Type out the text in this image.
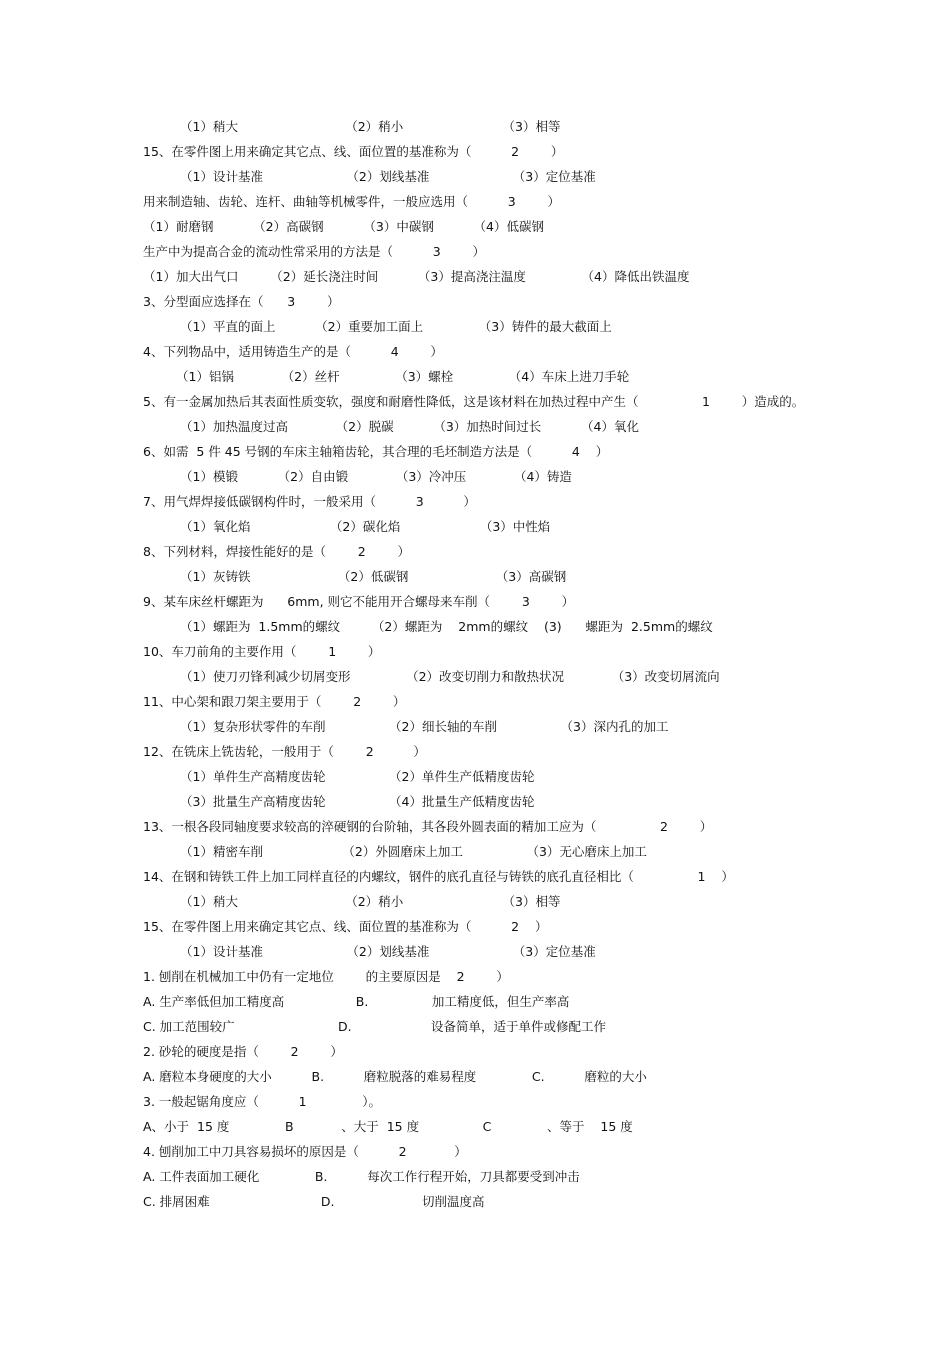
（1）稍大                           （2）稍小                         （3）相等

15、在零件图上用来确定其它点、线、面位置的基准称为（          2        ）

（1）设计基准                     （2）划线基准                     （3）定位基准

用来制造轴、齿轮、连杆、曲轴等机械零件，一般应选用（          3        ）

（1）耐磨钢          （2）高碳钢          （3）中碳钢          （4）低碳钢

生产中为提高合金的流动性常采用的方法是（          3        ）

（1）加大出气口        （2）延长浇注时间          （3）提高浇注温度              （4）降低出铁温度

3、分型面应选择在（      3        ）

（1）平直的面上          （2）重要加工面上              （3）铸件的最大截面上

4、下列物品中，适用铸造生产的是（          4        ）

（1）铝锅            （2）丝杆              （3）螺栓              （4）车床上进刀手轮

5、有一金属加热后其表面性质变软，强度和耐磨性降低，这是该材料在加热过程中产生（                1        ）造成的。

（1）加热温度过高            （2）脱碳          （3）加热时间过长          （4）氧化

6、如需  5 件 45 号钢的车床主轴箱齿轮，其合理的毛坯制造方法是（          4    ）

（1）模锻          （2）自由锻            （3）冷冲压            （4）铸造

7、用气焊焊接低碳钢构件时，一般采用（          3          ）

（1）氧化焰                    （2）碳化焰                    （3）中性焰

8、下列材料，焊接性能好的是（        2        ）

（1）灰铸铁                      （2）低碳钢                      （3）高碳钢

9、某车床丝杆螺距为      6mm, 则它不能用开合螺母来车削（        3        ）

（1）螺距为  1.5mm的螺纹        （2）螺距为    2mm的螺纹    (3)      螺距为  2.5mm的螺纹

10、车刀前角的主要作用（        1        ）

（1）使刀刃锋利减少切屑变形              （2）改变切削力和散热状况            （3）改变切屑流向

11、中心架和跟刀架主要用于（        2        ）

（1）复杂形状零件的车削                （2）细长轴的车削                （3）深内孔的加工

12、在铣床上铣齿轮，一般用于（        2          ）

（1）单件生产高精度齿轮                （2）单件生产低精度齿轮

（3）批量生产高精度齿轮                （4）批量生产低精度齿轮

13、一根各段同轴度要求较高的淬硬钢的台阶轴，其各段外圆表面的精加工应为（                2        ）

（1）精密车削                    （2）外圆磨床上加工                （3）无心磨床上加工

14、在钢和铸铁工件上加工同样直径的内螺纹，钢件的底孔直径与铸铁的底孔直径相比（                1    ）

（1）稍大                           （2）稍小                         （3）相等

15、在零件图上用来确定其它点、线、面位置的基准称为（          2    ）

（1）设计基准                     （2）划线基准                     （3）定位基准

1. 刨削在机械加工中仍有一定地位        的主要原因是    2        ）

A. 生产率低但加工精度高                  B.                加工精度低，但生产率高

C. 加工范围较广                          D.                    设备简单，适于单件或修配工作

2. 砂轮的硬度是指（        2        ）

A. 磨粒本身硬度的大小          B.          磨粒脱落的难易程度              C.          磨粒的大小

3. 一般起锯角度应（          1              ）。

A、小于  15 度              B            、大于  15 度                C              、等于    15 度

4. 刨削加工中刀具容易损坏的原因是（          2            ）

A. 工件表面加工硬化              B.          每次工作行程开始，刀具都要受到冲击

C. 排屑困难                            D.                      切削温度高
